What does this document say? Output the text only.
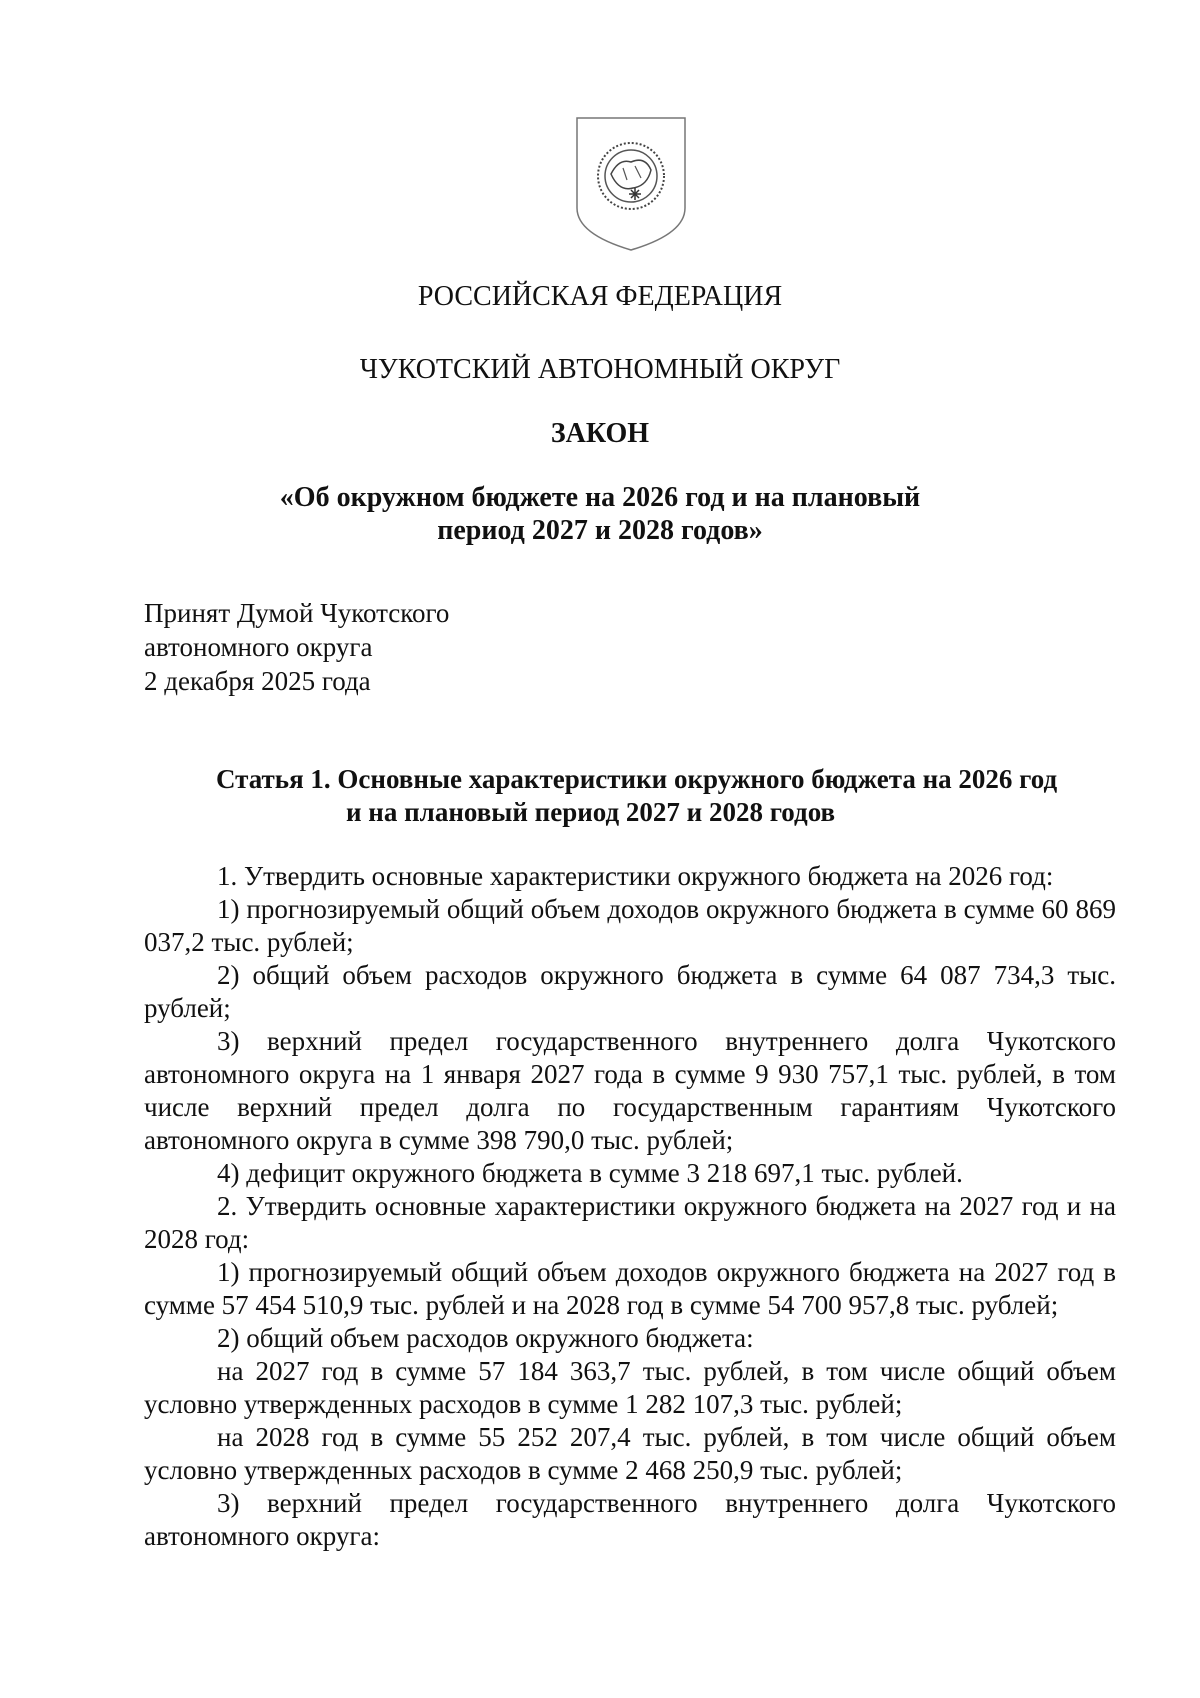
РОССИЙСКАЯ ФЕДЕРАЦИЯ
ЧУКОТСКИЙ АВТОНОМНЫЙ ОКРУГ
ЗАКОН
«Об окружном бюджете на 2026 год и на плановый
период 2027 и 2028 годов»
Принят Думой Чукотского
автономного округа
2 декабря 2025 года
Статья 1. Основные характеристики окружного бюджета на 2026 год
и на плановый период 2027 и 2028 годов

1. Утвердить основные характеристики окружного бюджета на 2026 год:

1) прогнозируемый общий объем доходов окружного бюджета в сумме 60 869 037,2 тыс. рублей;

2) общий объем расходов окружного бюджета в сумме 64 087 734,3 тыс. рублей;

3) верхний предел государственного внутреннего долга Чукотского автономного округа на 1 января 2027 года в сумме 9 930 757,1 тыс. рублей, в том числе верхний предел долга по государственным гарантиям Чукотского автономного округа в сумме 398 790,0 тыс. рублей;

4) дефицит окружного бюджета в сумме 3 218 697,1 тыс. рублей.

2. Утвердить основные характеристики окружного бюджета на 2027 год и на 2028 год:

1) прогнозируемый общий объем доходов окружного бюджета на 2027 год в сумме 57 454 510,9 тыс. рублей и на 2028 год в сумме 54 700 957,8 тыс. рублей;

2) общий объем расходов окружного бюджета:

на 2027 год в сумме 57 184 363,7 тыс. рублей, в том числе общий объем условно утвержденных расходов в сумме 1 282 107,3 тыс. рублей;

на 2028 год в сумме 55 252 207,4 тыс. рублей, в том числе общий объем условно утвержденных расходов в сумме 2 468 250,9 тыс. рублей;

3) верхний предел государственного внутреннего долга Чукотского автономного округа:
